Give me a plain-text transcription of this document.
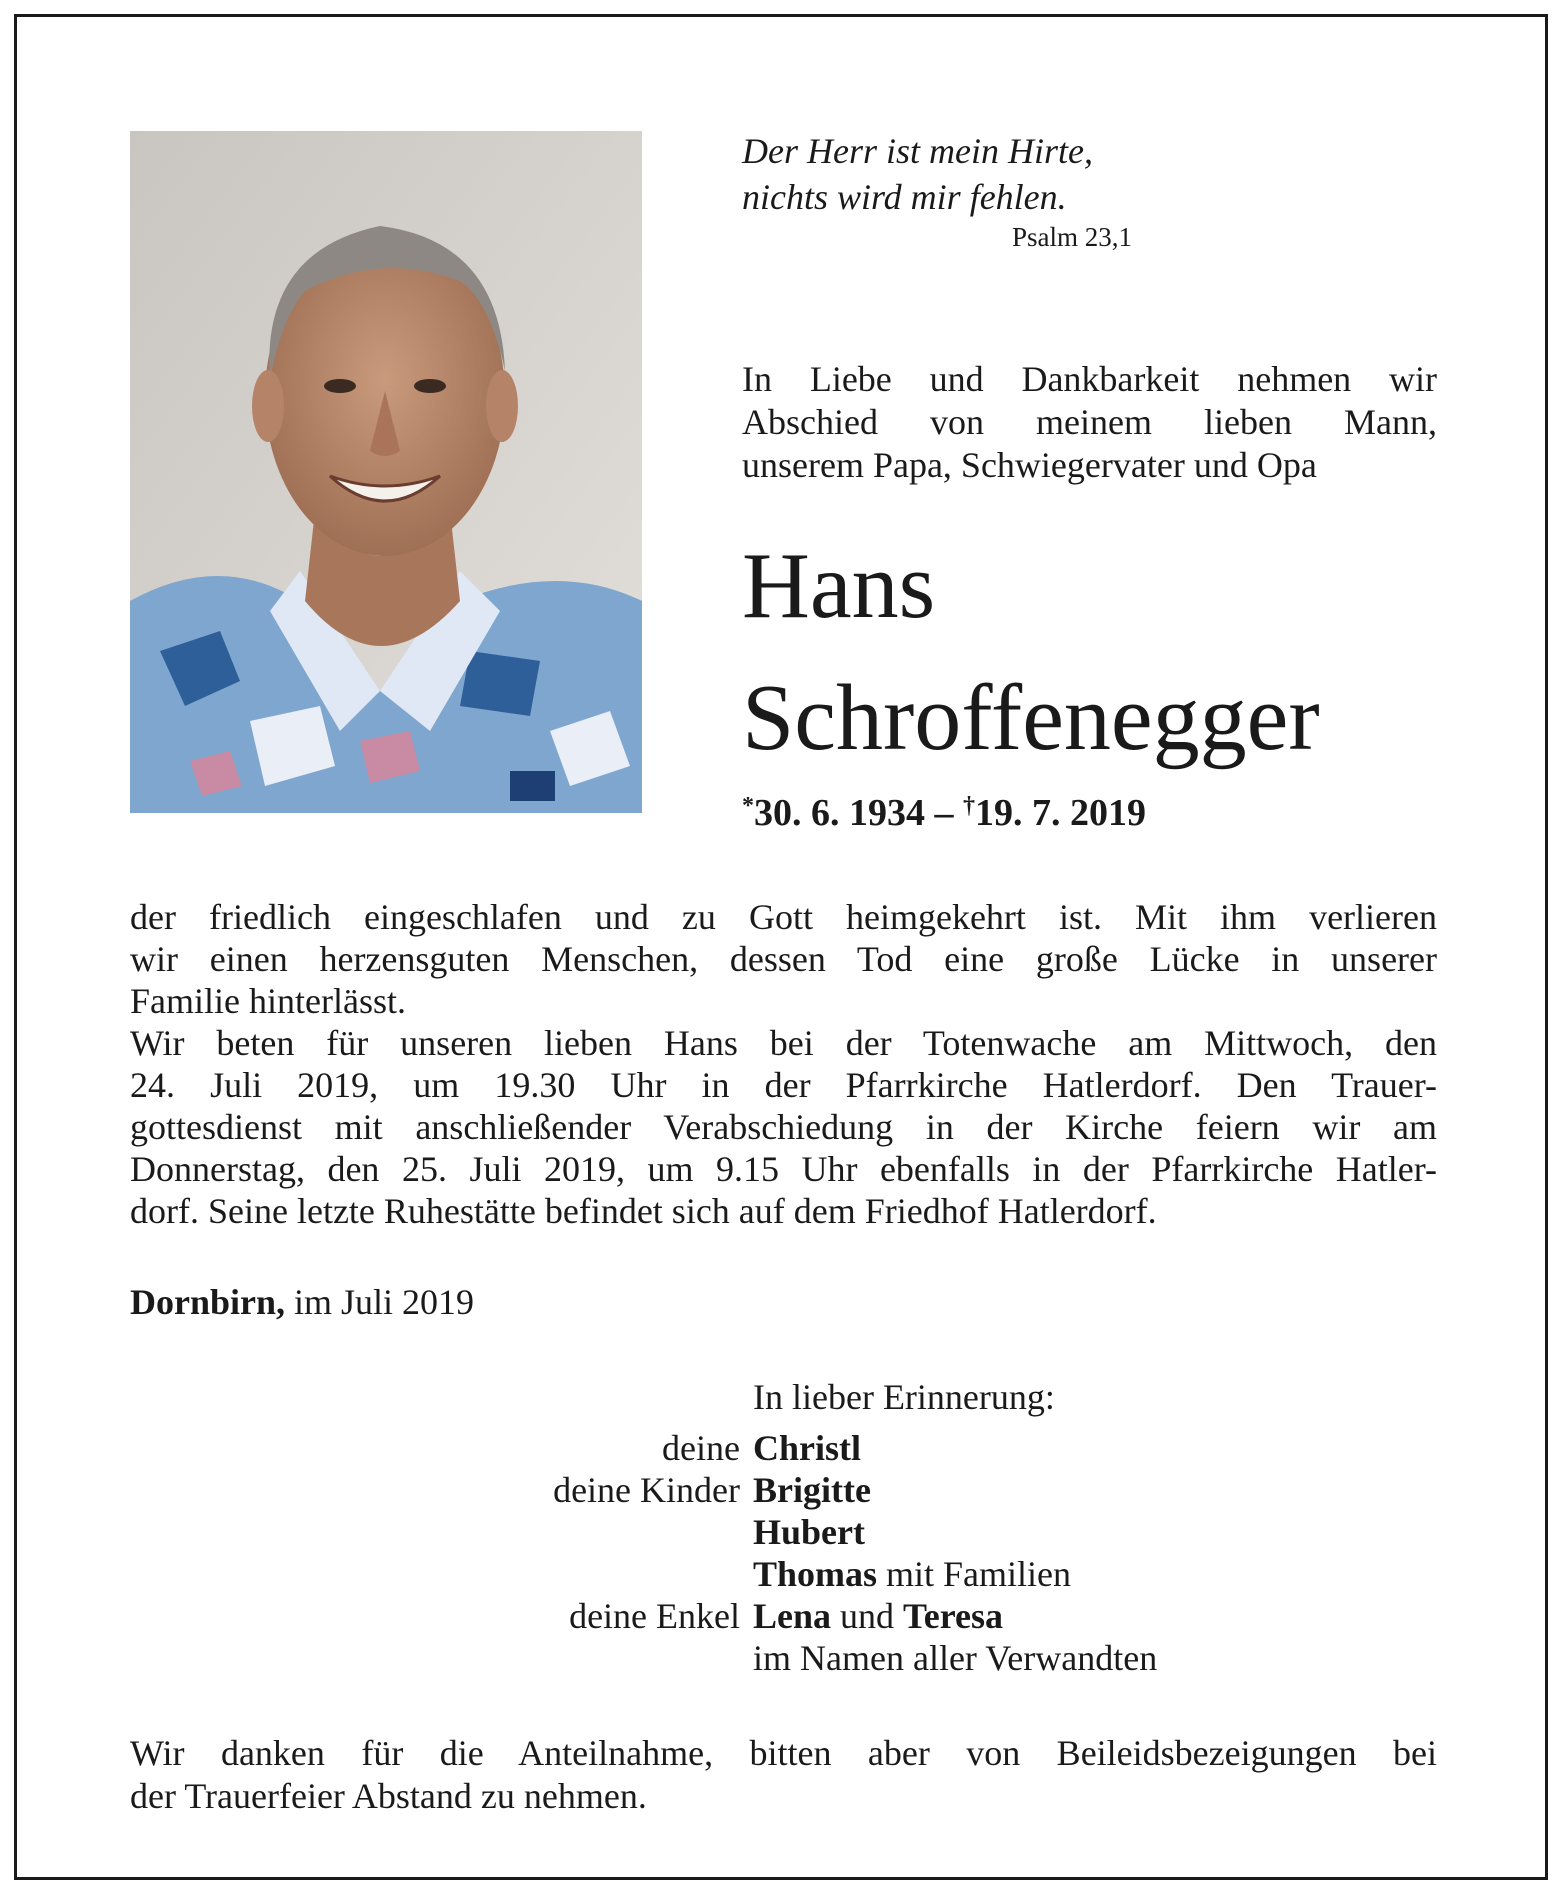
Der Herr ist mein Hirte,
nichts wird mir fehlen.
Psalm 23,1
In Liebe und Dankbarkeit nehmen wir
Abschied von meinem lieben Mann,
unserem Papa, Schwiegervater und Opa
Hans
Schroffenegger
*30. 6. 1934 – †19. 7. 2019
der friedlich eingeschlafen und zu Gott heimgekehrt ist. Mit ihm verlieren
wir einen herzensguten Menschen, dessen Tod eine große Lücke in unserer
Familie hinterlässt.
Wir beten für unseren lieben Hans bei der Totenwache am Mittwoch, den
24. Juli 2019, um 19.30 Uhr in der Pfarrkirche Hatlerdorf. Den Trauer-
gottesdienst mit anschließender Verabschiedung in der Kirche feiern wir am
Donnerstag, den 25. Juli 2019, um 9.15 Uhr ebenfalls in der Pfarrkirche Hatler-
dorf. Seine letzte Ruhestätte befindet sich auf dem Friedhof Hatlerdorf.
Dornbirn, im Juli 2019
In lieber Erinnerung:
deine Christl
deine Kinder Brigitte
Hubert
Thomas mit Familien
deine Enkel Lena und Teresa
im Namen aller Verwandten
Wir danken für die Anteilnahme, bitten aber von Beileidsbezeigungen bei
der Trauerfeier Abstand zu nehmen.
